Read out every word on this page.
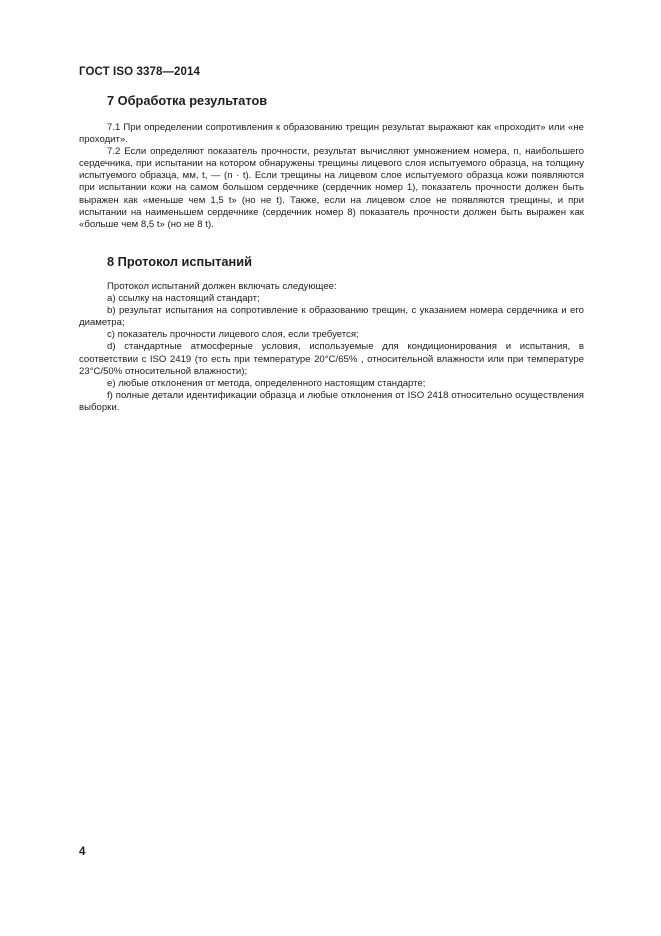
ГОСТ ISO 3378—2014
7 Обработка результатов

7.1 При определении сопротивления к образованию трещин результат выражают как «проходит» или «не проходит».

7.2 Если определяют показатель прочности, результат вычисляют умножением номера, n, наибольшего сердечника, при испытании на котором обнаружены трещины лицевого слоя испытуемого образца, на толщину испытуемого образца, мм, t, — (n · t). Если трещины на лицевом слое испытуемого образца кожи появляются при испытании кожи на самом большом сердечнике (сердечник номер 1), показатель прочности должен быть выражен как «меньше чем 1,5 t» (но не t). Также, если на лицевом слое не появляются трещины, и при испытании на наименьшем сердечнике (сердечник номер 8) показатель прочности должен быть выражен как «больше чем 8,5 t» (но не 8 t).

8 Протокол испытаний

Протокол испытаний должен включать следующее:

а) ссылку на настоящий стандарт;

b) результат испытания на сопротивление к образованию трещин, с указанием номера сердечника и его диаметра;

c) показатель прочности лицевого слоя, если требуется;

d) стандартные атмосферные условия, используемые для кондиционирования и испытания, в соответствии с ISO 2419 (то есть при температуре 20°C/65% , относительной влажности или при температуре 23°C/50% относительной влажности);

e) любые отклонения от метода, определенного настоящим стандарте;

f) полные детали идентификации образца и любые отклонения от ISO 2418 относительно осуществления выборки.

4
